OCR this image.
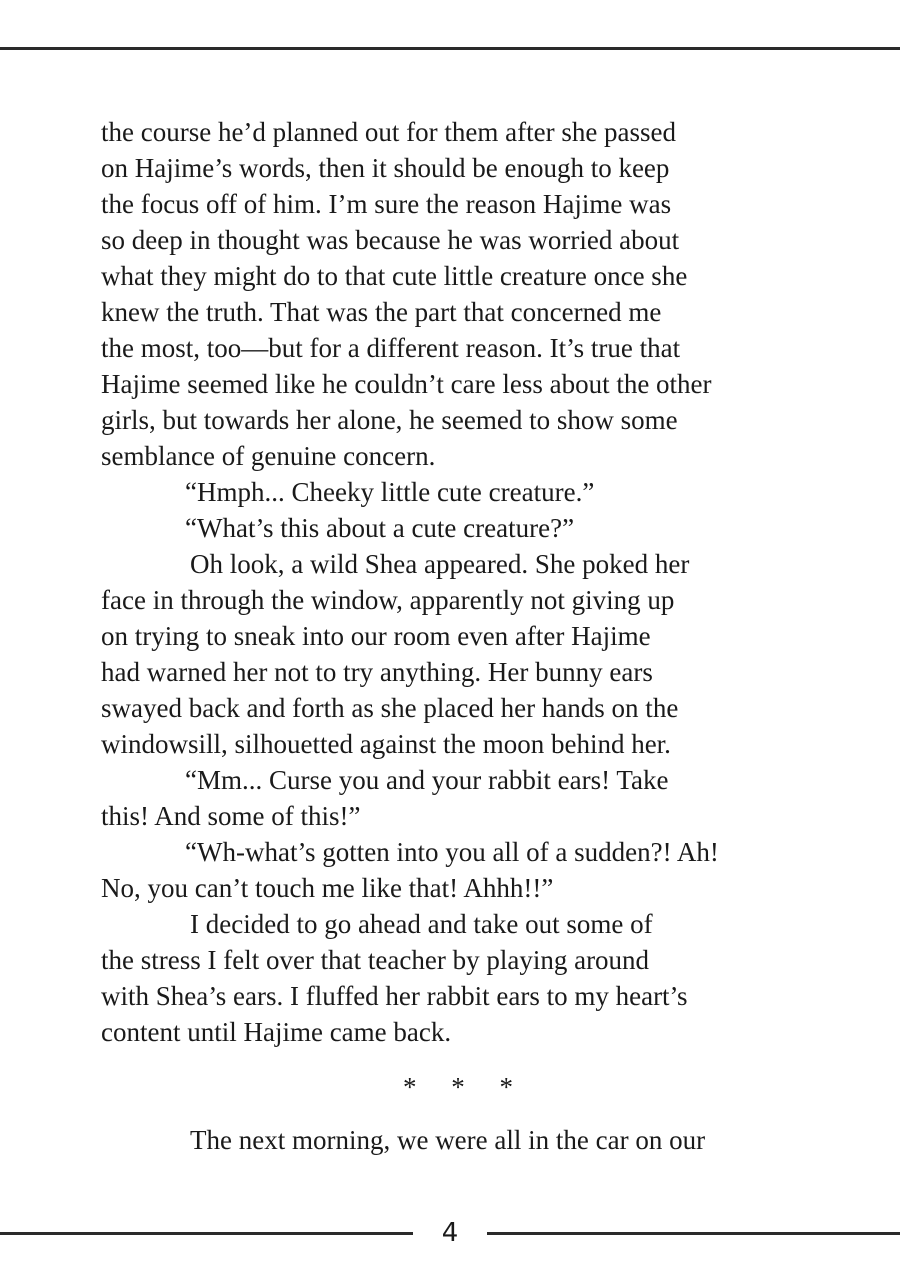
the course he’d planned out for them after she passed
on Hajime’s words, then it should be enough to keep
the focus off of him. I’m sure the reason Hajime was
so deep in thought was because he was worried about
what they might do to that cute little creature once she
knew the truth. That was the part that concerned me
the most, too—but for a different reason. It’s true that
Hajime seemed like he couldn’t care less about the other
girls, but towards her alone, he seemed to show some
semblance of genuine concern.
“Hmph... Cheeky little cute creature.”
“What’s this about a cute creature?”
Oh look, a wild Shea appeared. She poked her
face in through the window, apparently not giving up
on trying to sneak into our room even after Hajime
had warned her not to try anything. Her bunny ears
swayed back and forth as she placed her hands on the
windowsill, silhouetted against the moon behind her.
“Mm... Curse you and your rabbit ears! Take
this! And some of this!”
“Wh-what’s gotten into you all of a sudden?! Ah!
No, you can’t touch me like that! Ahhh!!”
I decided to go ahead and take out some of
the stress I felt over that teacher by playing around
with Shea’s ears. I fluffed her rabbit ears to my heart’s
content until Hajime came back.
* * *
The next morning, we were all in the car on our
4
